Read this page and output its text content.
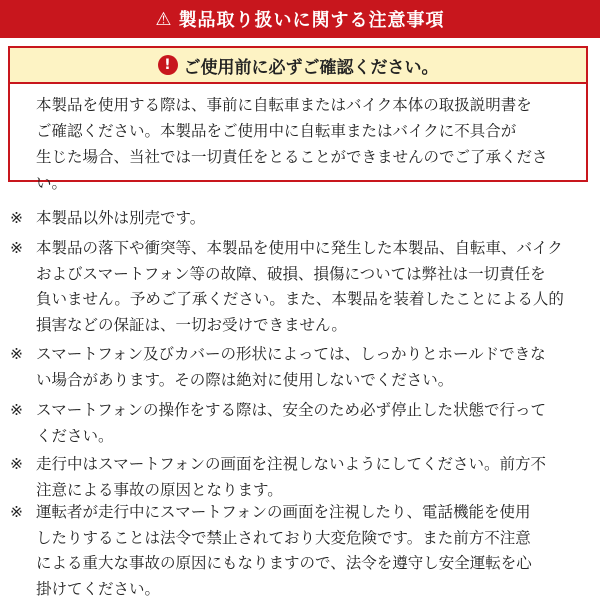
⚠ 製品取り扱いに関する注意事項
! ご使用前に必ずご確認ください。
本製品を使用する際は、事前に自転車またはバイク本体の取扱説明書を
ご確認ください。本製品をご使用中に自転車またはバイクに不具合が
生じた場合、当社では一切責任をとることができませんのでご了承くださ
い。
※ 本製品以外は別売です。
※ 本製品の落下や衝突等、本製品を使用中に発生した本製品、自転車、バイク
およびスマートフォン等の故障、破損、損傷については弊社は一切責任を
負いません。予めご了承ください。また、本製品を装着したことによる人的
損害などの保証は、一切お受けできません。
※ スマートフォン及びカバーの形状によっては、しっかりとホールドできな
い場合があります。その際は絶対に使用しないでください。
※ スマートフォンの操作をする際は、安全のため必ず停止した状態で行って
ください。
※ 走行中はスマートフォンの画面を注視しないようにしてください。前方不
注意による事故の原因となります。
※ 運転者が走行中にスマートフォンの画面を注視したり、電話機能を使用
したりすることは法令で禁止されており大変危険です。また前方不注意
による重大な事故の原因にもなりますので、法令を遵守し安全運転を心
掛けてください。
